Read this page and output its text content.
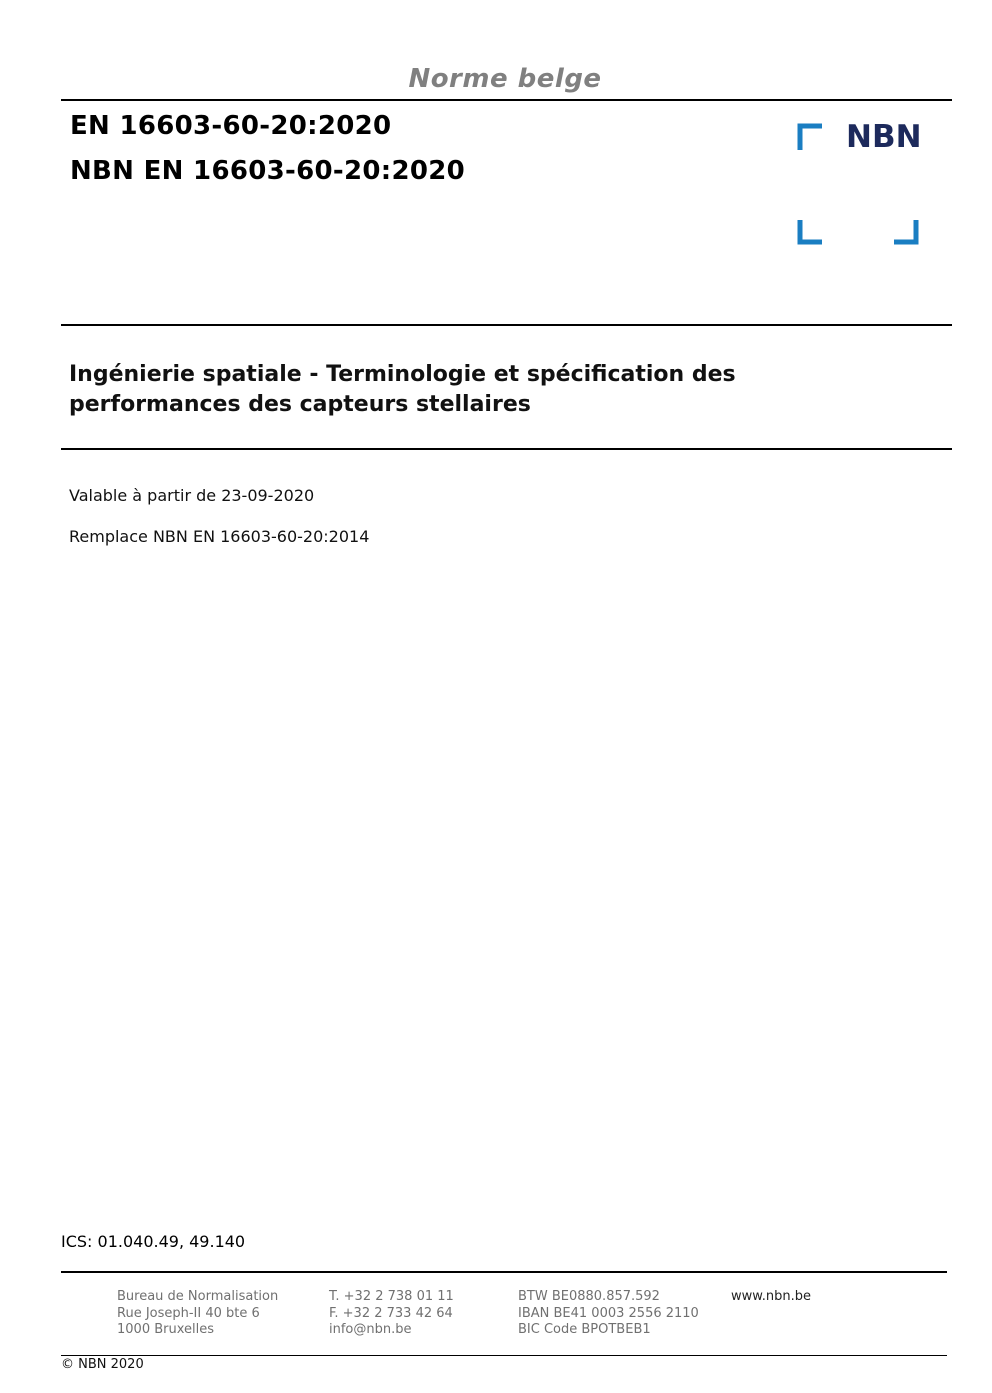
Norme belge
EN 16603-60-20:2020
NBN EN 16603-60-20:2020
NBN
Ingénierie spatiale - Terminologie et spécification des
performances des capteurs stellaires
Valable à partir de 23-09-2020
Remplace NBN EN 16603-60-20:2014
ICS: 01.040.49, 49.140
Bureau de Normalisation
Rue Joseph-II 40 bte 6
1000 Bruxelles
T. +32 2 738 01 11
F. +32 2 733 42 64
info@nbn.be
BTW BE0880.857.592
IBAN BE41 0003 2556 2110
BIC Code BPOTBEB1
www.nbn.be
© NBN 2020
